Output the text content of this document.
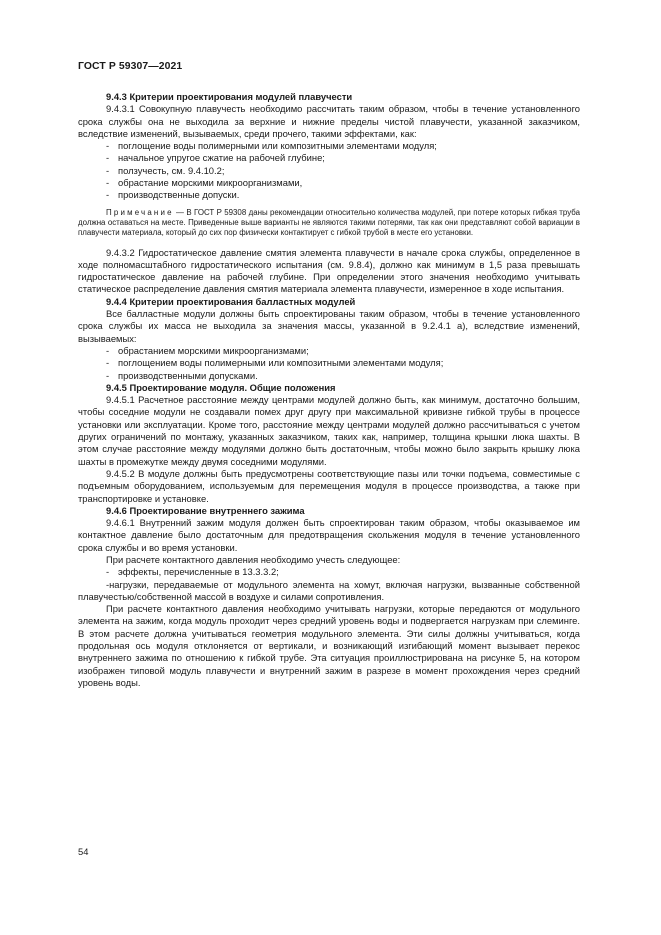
ГОСТ Р 59307—2021

9.4.3 Критерии проектирования модулей плавучести

9.4.3.1 Совокупную плавучесть необходимо рассчитать таким образом, чтобы в течение установленного срока службы она не выходила за верхние и нижние пределы чистой плавучести, указанной заказчиком, вследствие изменений, вызываемых, среди прочего, такими эффектами, как:

- поглощение воды полимерными или композитными элементами модуля;

- начальное упругое сжатие на рабочей глубине;

- ползучесть, см. 9.4.10.2;

- обрастание морскими микроорганизмами,

- производственные допуски.

Примечание — В ГОСТ Р 59308 даны рекомендации относительно количества модулей, при потере которых гибкая труба должна оставаться на месте. Приведенные выше варианты не являются такими потерями, так как они представляют собой вариации в плавучести материала, который до сих пор физически контактирует с гибкой трубой в месте его установки.

9.4.3.2 Гидростатическое давление смятия элемента плавучести в начале срока службы, определенное в ходе полномасштабного гидростатического испытания (см. 9.8.4), должно как минимум в 1,5 раза превышать гидростатическое давление на рабочей глубине. При определении этого значения необходимо учитывать статическое распределение давления смятия материала элемента плавучести, измеренное в ходе испытания.

9.4.4 Критерии проектирования балластных модулей

Все балластные модули должны быть спроектированы таким образом, чтобы в течение установленного срока службы их масса не выходила за значения массы, указанной в 9.2.4.1 а), вследствие изменений, вызываемых:

- обрастанием морскими микроорганизмами;

- поглощением воды полимерными или композитными элементами модуля;

- производственными допусками.

9.4.5 Проектирование модуля. Общие положения

9.4.5.1 Расчетное расстояние между центрами модулей должно быть, как минимум, достаточно большим, чтобы соседние модули не создавали помех друг другу при максимальной кривизне гибкой трубы в процессе установки или эксплуатации. Кроме того, расстояние между центрами модулей должно рассчитываться с учетом других ограничений по монтажу, указанных заказчиком, таких как, например, толщина крышки люка шахты. В этом случае расстояние между модулями должно быть достаточным, чтобы можно было закрыть крышку люка шахты в промежутке между двумя соседними модулями.

9.4.5.2 В модуле должны быть предусмотрены соответствующие пазы или точки подъема, совместимые с подъемным оборудованием, используемым для перемещения модуля в процессе производства, а также при транспортировке и установке.

9.4.6 Проектирование внутреннего зажима

9.4.6.1 Внутренний зажим модуля должен быть спроектирован таким образом, чтобы оказываемое им контактное давление было достаточным для предотвращения скольжения модуля в течение установленного срока службы и во время установки.

При расчете контактного давления необходимо учесть следующее:

- эффекты, перечисленные в 13.3.3.2;

-нагрузки, передаваемые от модульного элемента на хомут, включая нагрузки, вызванные собственной плавучестью/собственной массой в воздухе и силами сопротивления.

При расчете контактного давления необходимо учитывать нагрузки, которые передаются от модульного элемента на зажим, когда модуль проходит через средний уровень воды и подвергается нагрузкам при слеминге. В этом расчете должна учитываться геометрия модульного элемента. Эти силы должны учитываться, когда продольная ось модуля отклоняется от вертикали, и возникающий изгибающий момент вызывает перекос внутреннего зажима по отношению к гибкой трубе. Эта ситуация проиллюстрирована на рисунке 5, на котором изображен типовой модуль плавучести и внутренний зажим в разрезе в момент прохождения через средний уровень воды.

54
